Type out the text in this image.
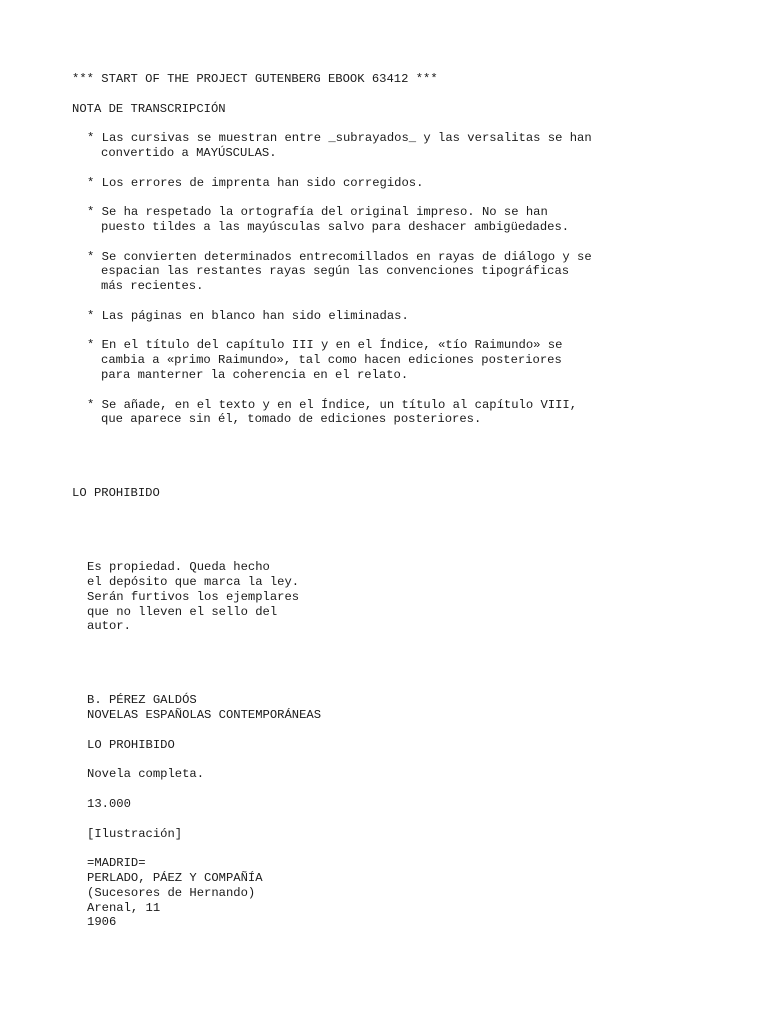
*** START OF THE PROJECT GUTENBERG EBOOK 63412 ***
NOTA DE TRANSCRIPCIÓN
* Las cursivas se muestran entre _subrayados_ y las versalitas se han
convertido a MAYÚSCULAS.
* Los errores de imprenta han sido corregidos.
* Se ha respetado la ortografía del original impreso. No se han
puesto tildes a las mayúsculas salvo para deshacer ambigüedades.
* Se convierten determinados entrecomillados en rayas de diálogo y se
espacian las restantes rayas según las convenciones tipográficas
más recientes.
* Las páginas en blanco han sido eliminadas.
* En el título del capítulo III y en el Índice, «tío Raimundo» se
cambia a «primo Raimundo», tal como hacen ediciones posteriores
para manterner la coherencia en el relato.
* Se añade, en el texto y en el Índice, un título al capítulo VIII,
que aparece sin él, tomado de ediciones posteriores.
LO PROHIBIDO
Es propiedad. Queda hecho
el depósito que marca la ley.
Serán furtivos los ejemplares
que no lleven el sello del
autor.
B. PÉREZ GALDÓS
NOVELAS ESPAÑOLAS CONTEMPORÁNEAS
LO PROHIBIDO
Novela completa.
13.000
[Ilustración]
=MADRID=
PERLADO, PÁEZ Y COMPAÑÍA
(Sucesores de Hernando)
Arenal, 11
1906
